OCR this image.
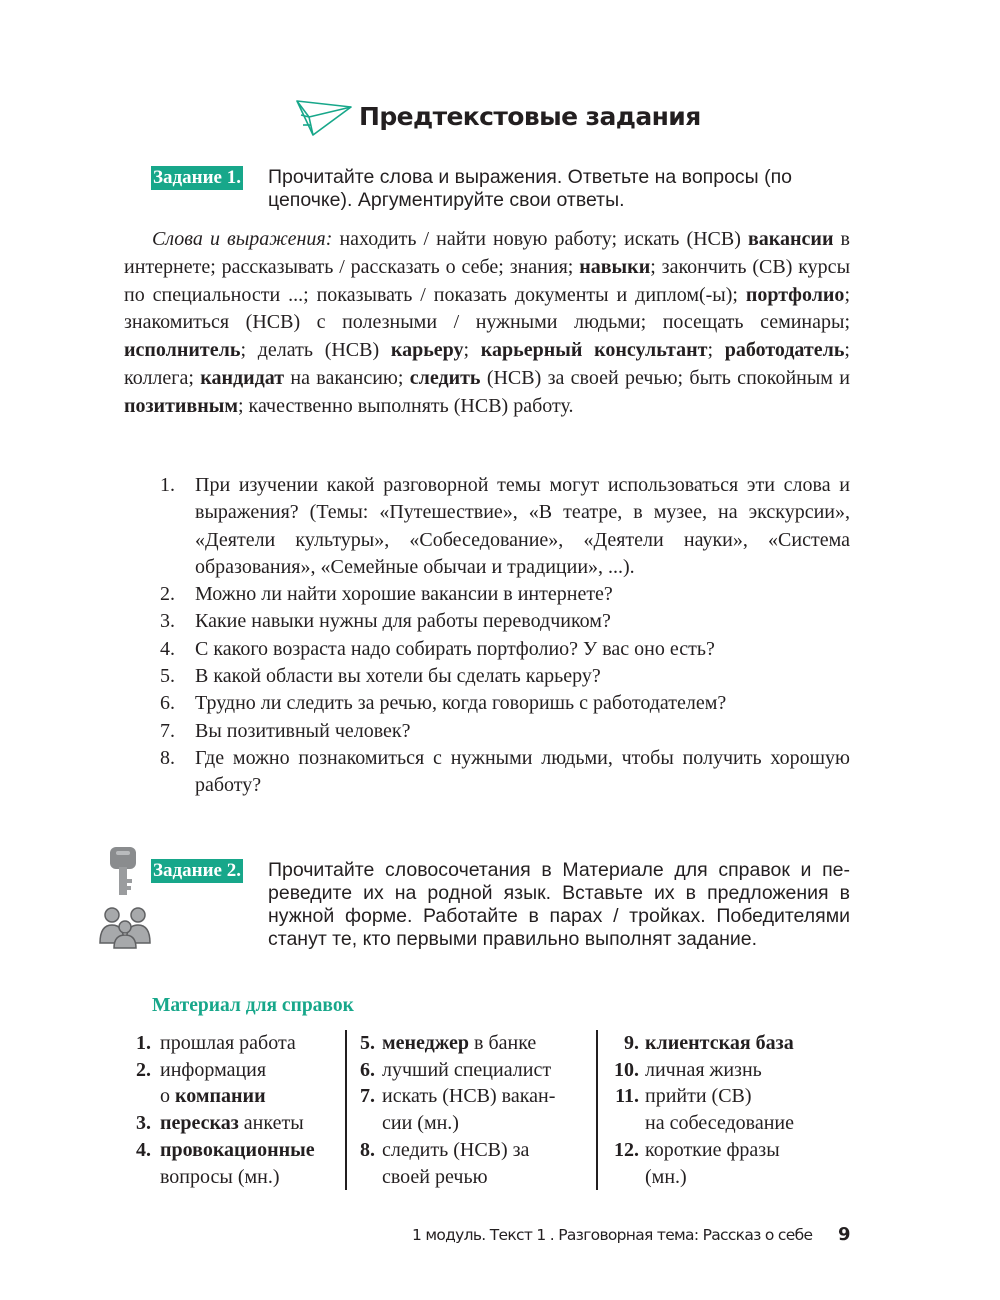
Предтекстовые задания
Задание 1. Прочитайте слова и выражения. Ответьте на вопросы (по
цепочке). Аргументируйте свои ответы.

Слова и выражения: находить / найти новую работу; искать (НСВ) вакансии в интернете; рассказывать / рассказать о себе; знания; навыки; закончить (СВ) курсы по специальности ...; показывать / показать документы и диплом(-ы); портфолио; знакомиться (НСВ) с полезными / нужными людьми; посещать семинары; исполнитель; делать (НСВ) карьеру; карьерный консультант; работодатель; коллега; кандидат на вакансию; следить (НСВ) за своей речью; быть спокойным и позитивным; качественно выполнять (НСВ) работу.

1. При изучении какой разговорной темы могут использоваться эти слова и выражения? (Темы: «Путешествие», «В театре, в музее, на экскурсии», «Деятели культуры», «Собеседование», «Деятели науки», «Система образования», «Семейные обычаи и традиции», ...).
2. Можно ли найти хорошие вакансии в интернете?
3. Какие навыки нужны для работы переводчиком?
4. С какого возраста надо собирать портфолио? У вас оно есть?
5. В какой области вы хотели бы сделать карьеру?
6. Трудно ли следить за речью, когда говоришь с работодателем?
7. Вы позитивный человек?
8. Где можно познакомиться с нужными людьми, чтобы получить хорошую работу?
Задание 2. Прочитайте словосочетания в Материале для справок и переведите их на родной язык. Вставьте их в предложения в нужной форме. Работайте в парах / тройках. Победителями станут те, кто первыми правильно выполнят задание.
Материал для справок
1. прошлая работа
2. информация
о компании
3. пересказ анкеты
4. провокационные
вопросы (мн.)
5. менеджер в банке
6. лучший специалист
7. искать (НСВ) вакан-
сии (мн.)
8. следить (НСВ) за
своей речью
9. клиентская база
10. личная жизнь
11. прийти (СВ)
на собеседование
12. короткие фразы
(мн.)
1 модуль. Текст 1 . Разговорная тема: Рассказ о себе 9
